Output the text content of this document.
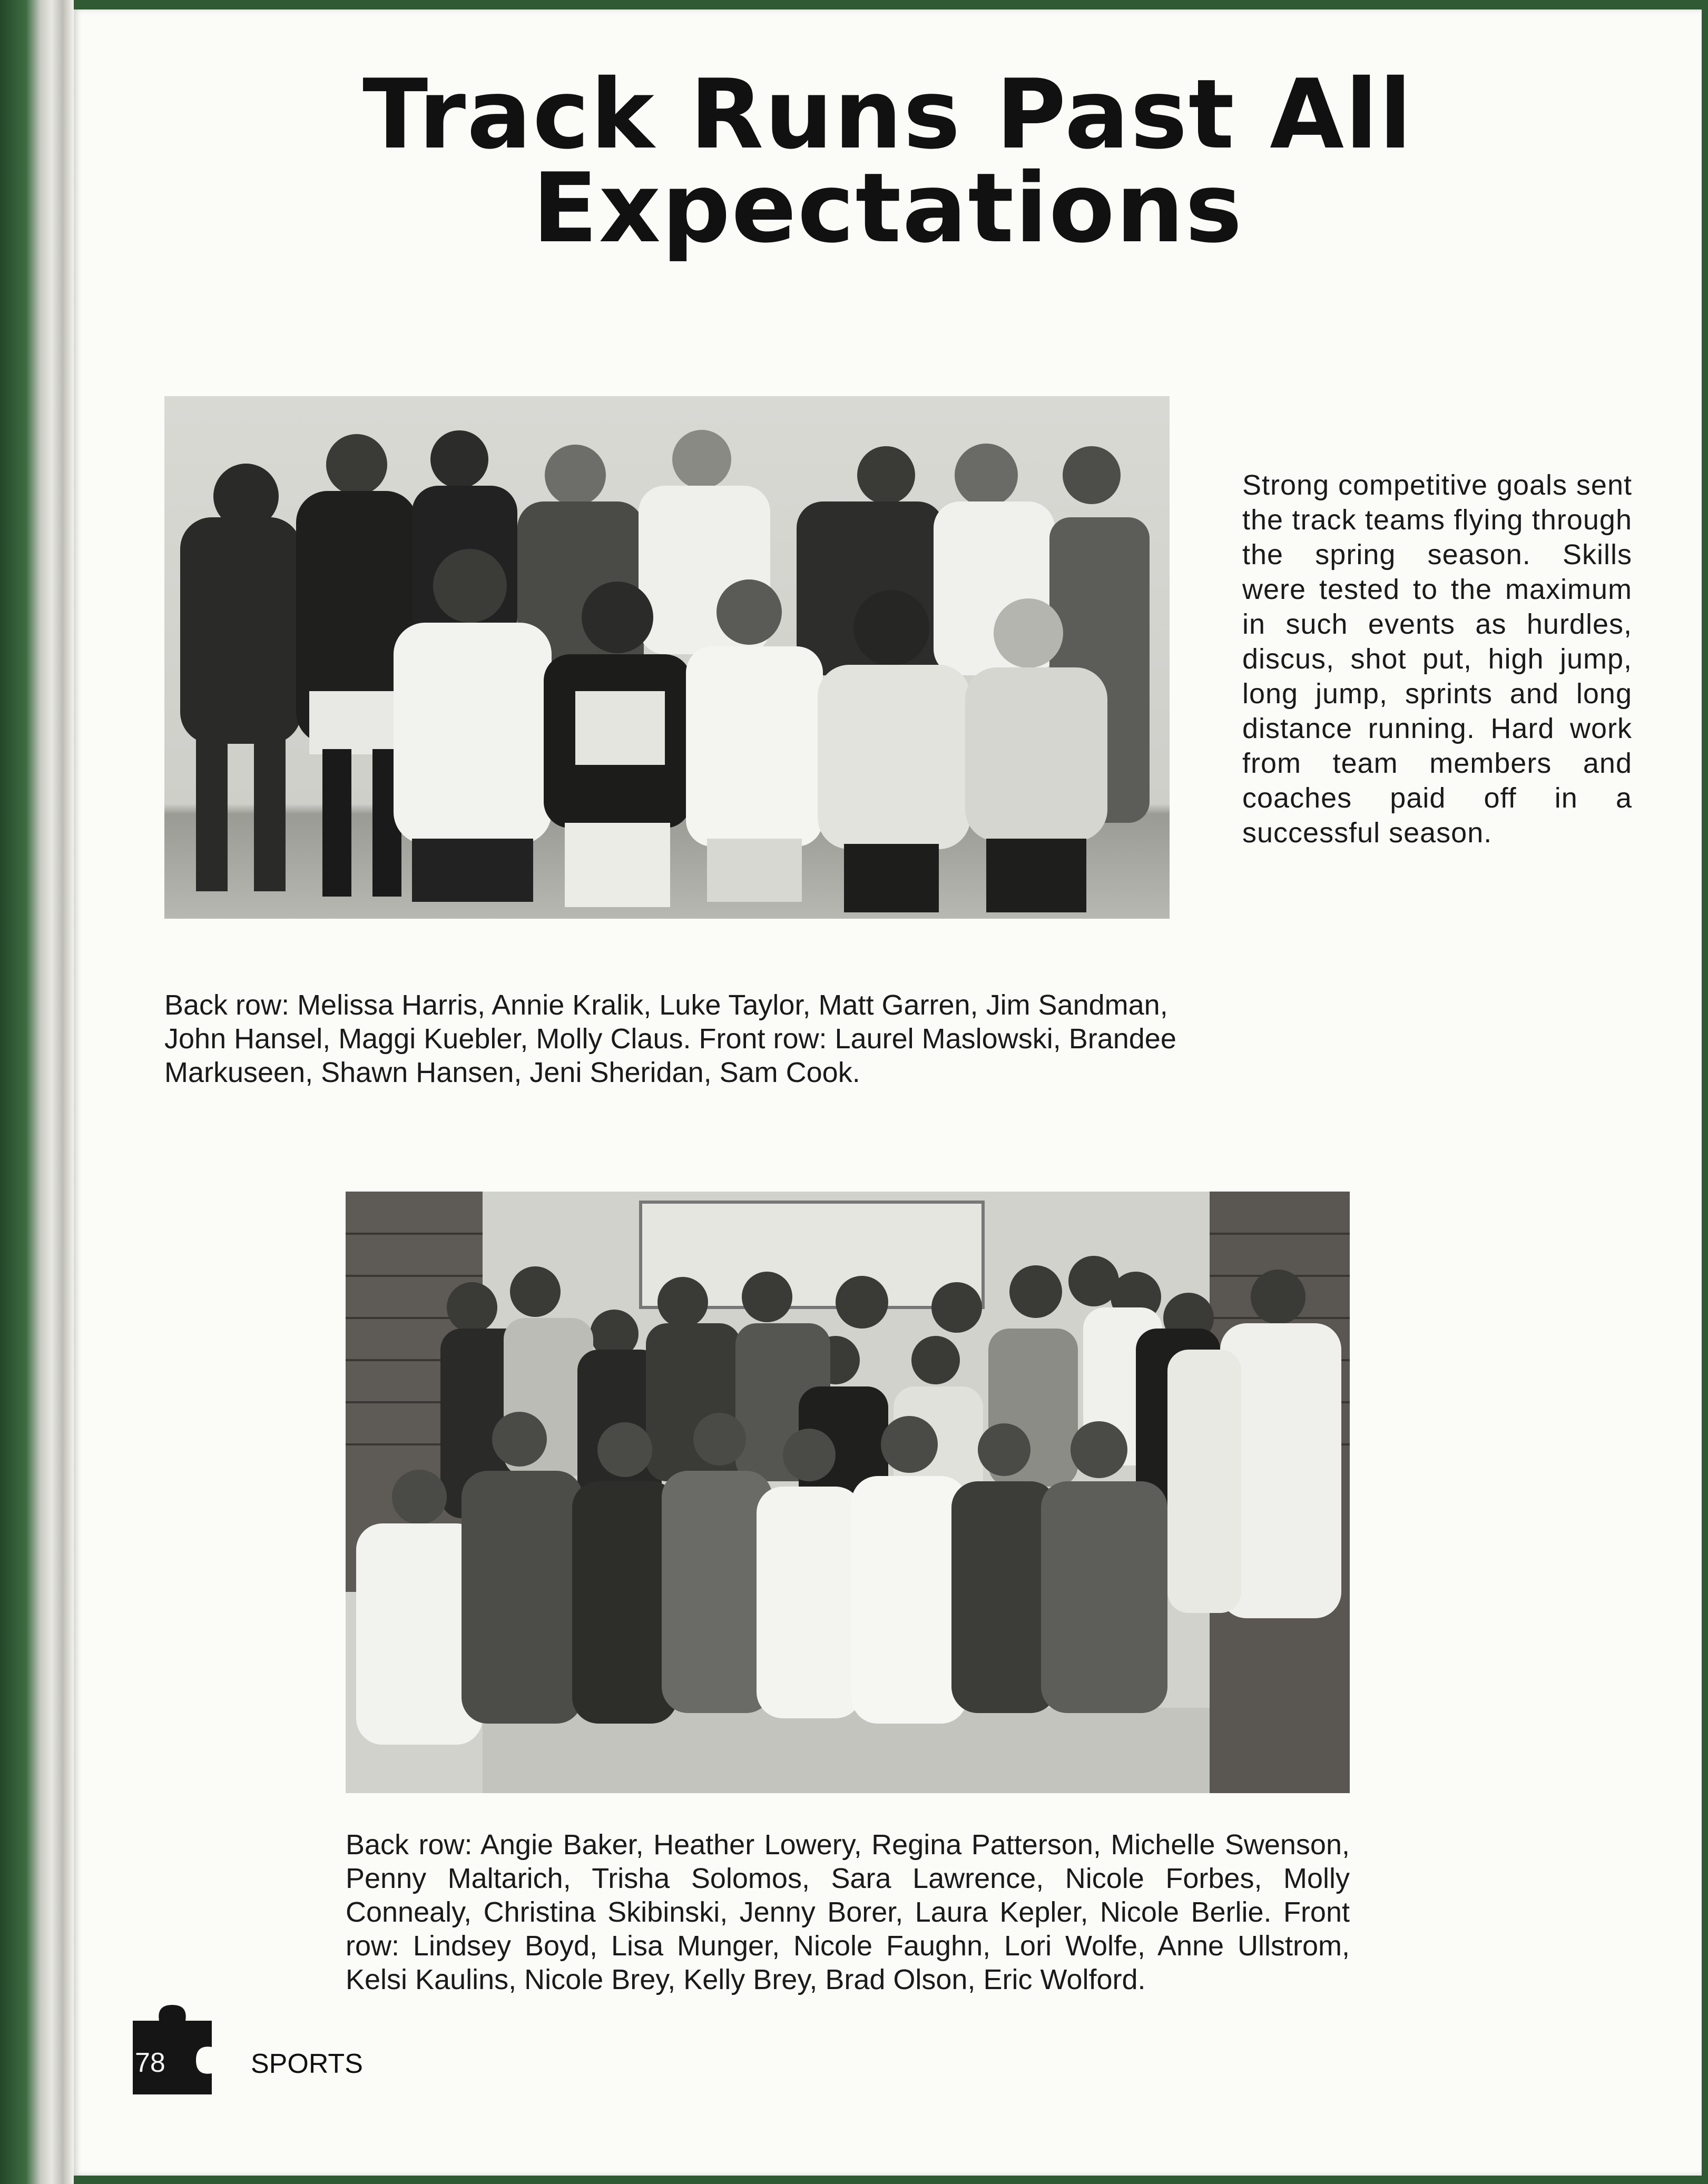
Track Runs Past All
Expectations
Strong competitive goals sent the track teams flying through the spring season. Skills were tested to the maximum in such events as hurdles, discus, shot put, high jump, long jump, sprints and long distance running. Hard work from team members and coaches paid off in a successful season.
Back row: Melissa Harris, Annie Kralik, Luke Taylor, Matt Garren, Jim Sandman, John Hansel, Maggi Kuebler, Molly Claus. Front row: Laurel Maslowski, Brandee Markuseen, Shawn Hansen, Jeni Sheridan, Sam Cook.
Back row: Angie Baker, Heather Lowery, Regina Patterson, Michelle Swenson, Penny Maltarich, Trisha Solomos, Sara Lawrence, Nicole Forbes, Molly Connealy, Christina Skibinski, Jenny Borer, Laura Kepler, Nicole Berlie. Front row: Lindsey Boyd, Lisa Munger, Nicole Faughn, Lori Wolfe, Anne Ullstrom, Kelsi Kaulins, Nicole Brey, Kelly Brey, Brad Olson, Eric Wolford.
78	SPORTS
